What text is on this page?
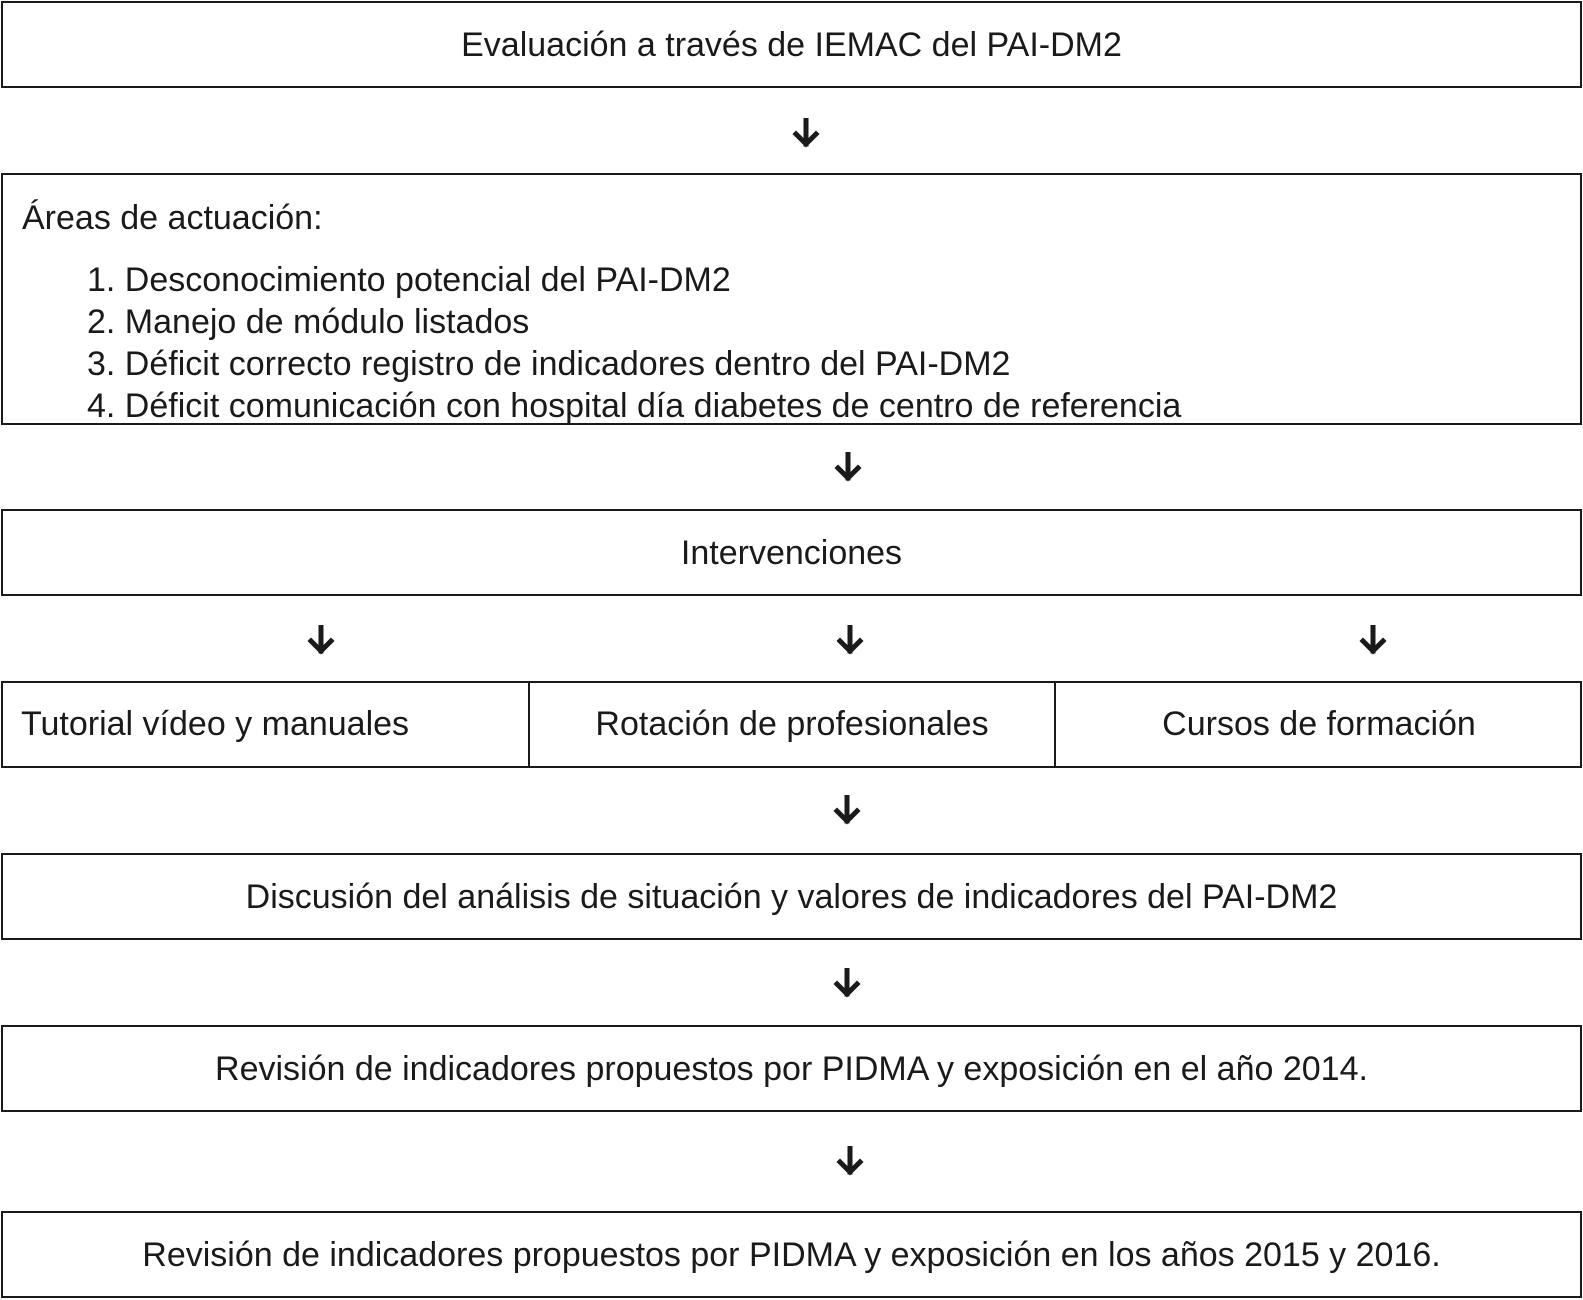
Evaluación a través de IEMAC del PAI-DM2
Áreas de actuación:
1. Desconocimiento potencial del PAI-DM2
2. Manejo de módulo listados
3. Déficit correcto registro de indicadores dentro del PAI-DM2
4. Déficit comunicación con hospital día diabetes de centro de referencia
Intervenciones
Tutorial vídeo y manuales	Rotación de profesionales	Cursos de formación
Discusión del análisis de situación y valores de indicadores del PAI-DM2
Revisión de indicadores propuestos por PIDMA y exposición en el año 2014.
Revisión de indicadores propuestos por PIDMA y exposición en los años 2015 y 2016.
